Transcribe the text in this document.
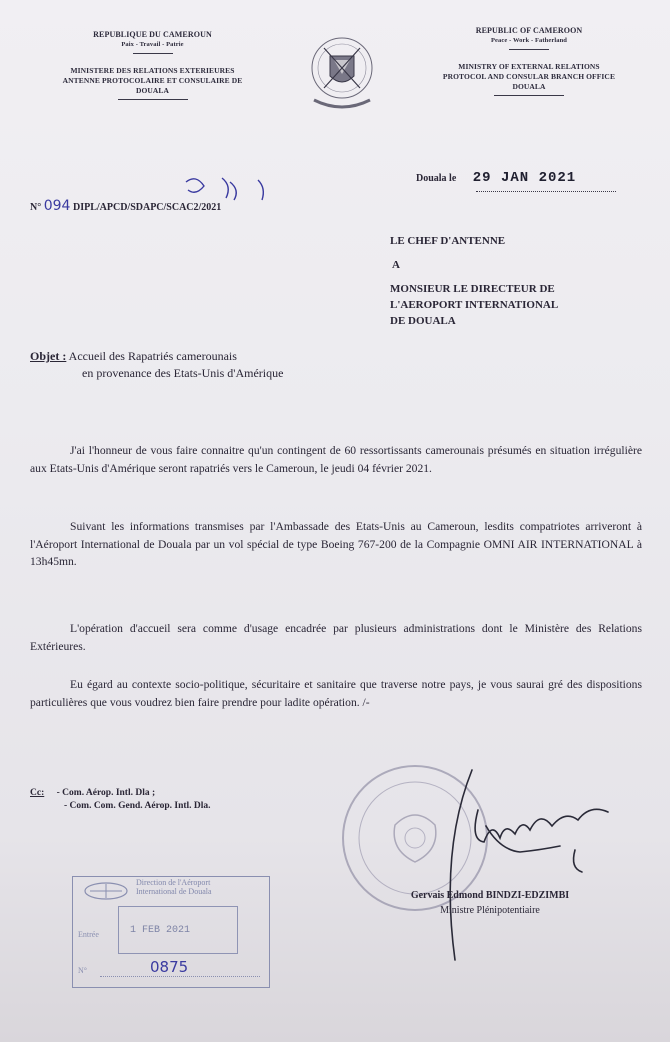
REPUBLIQUE DU CAMEROUN
Paix - Travail - Patrie
MINISTERE DES RELATIONS EXTERIEURES
ANTENNE PROTOCOLAIRE ET CONSULAIRE DE
DOUALA
REPUBLIC OF CAMEROON
Peace - Work - Fatherland
MINISTRY OF EXTERNAL RELATIONS
PROTOCOL AND CONSULAR BRANCH OFFICE
DOUALA
Douala le 29 JAN 2021
N° 094 DIPL/APCD/SDAPC/SCAC2/2021
LE CHEF D'ANTENNE
A
MONSIEUR LE DIRECTEUR DE
L'AEROPORT INTERNATIONAL
DE DOUALA
Objet : Accueil des Rapatriés camerounais
en provenance des Etats-Unis d'Amérique
J'ai l'honneur de vous faire connaitre qu'un contingent de 60 ressortissants camerounais présumés en situation irrégulière aux Etats-Unis d'Amérique seront rapatriés vers le Cameroun, le jeudi 04 février 2021.
Suivant les informations transmises par l'Ambassade des Etats-Unis au Cameroun, lesdits compatriotes arriveront à l'Aéroport International de Douala par un vol spécial de type Boeing 767-200 de la Compagnie OMNI AIR INTERNATIONAL à 13h45mn.
L'opération d'accueil sera comme d'usage encadrée par plusieurs administrations dont le Ministère des Relations Extérieures.
Eu égard au contexte socio-politique, sécuritaire et sanitaire que traverse notre pays, je vous saurai gré des dispositions particulières que vous voudrez bien faire prendre pour ladite opération. /-
Cc: - Com. Aérop. Intl. Dla ;
- Com. Com. Gend. Aérop. Intl. Dla.
Gervais Edmond BINDZI-EDZIMBI
Ministre Plénipotentiaire
Direction de l'Aéroport
International de Douala
Entrée	1 FEB 2021
N°	0875
